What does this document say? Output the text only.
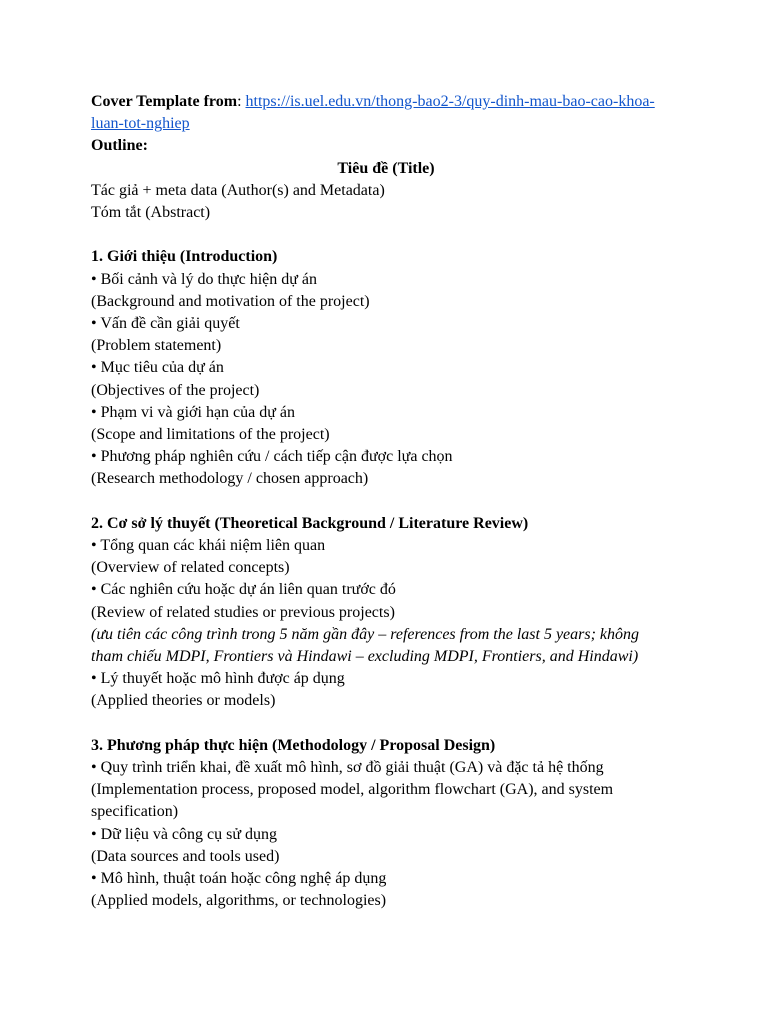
Cover Template from: https://is.uel.edu.vn/thong-bao2-3/quy-dinh-mau-bao-cao-khoa-
luan-tot-nghiep
Outline:
Tiêu đề (Title)
Tác giả + meta data (Author(s) and Metadata)
Tóm tắt (Abstract)
1. Giới thiệu (Introduction)
• Bối cảnh và lý do thực hiện dự án
(Background and motivation of the project)
• Vấn đề cần giải quyết
(Problem statement)
• Mục tiêu của dự án
(Objectives of the project)
• Phạm vi và giới hạn của dự án
(Scope and limitations of the project)
• Phương pháp nghiên cứu / cách tiếp cận được lựa chọn
(Research methodology / chosen approach)
2. Cơ sở lý thuyết (Theoretical Background / Literature Review)
• Tổng quan các khái niệm liên quan
(Overview of related concepts)
• Các nghiên cứu hoặc dự án liên quan trước đó
(Review of related studies or previous projects)
(ưu tiên các công trình trong 5 năm gần đây – references from the last 5 years; không
tham chiếu MDPI, Frontiers và Hindawi – excluding MDPI, Frontiers, and Hindawi)
• Lý thuyết hoặc mô hình được áp dụng
(Applied theories or models)
3. Phương pháp thực hiện (Methodology / Proposal Design)
• Quy trình triển khai, đề xuất mô hình, sơ đồ giải thuật (GA) và đặc tả hệ thống
(Implementation process, proposed model, algorithm flowchart (GA), and system
specification)
• Dữ liệu và công cụ sử dụng
(Data sources and tools used)
• Mô hình, thuật toán hoặc công nghệ áp dụng
(Applied models, algorithms, or technologies)
